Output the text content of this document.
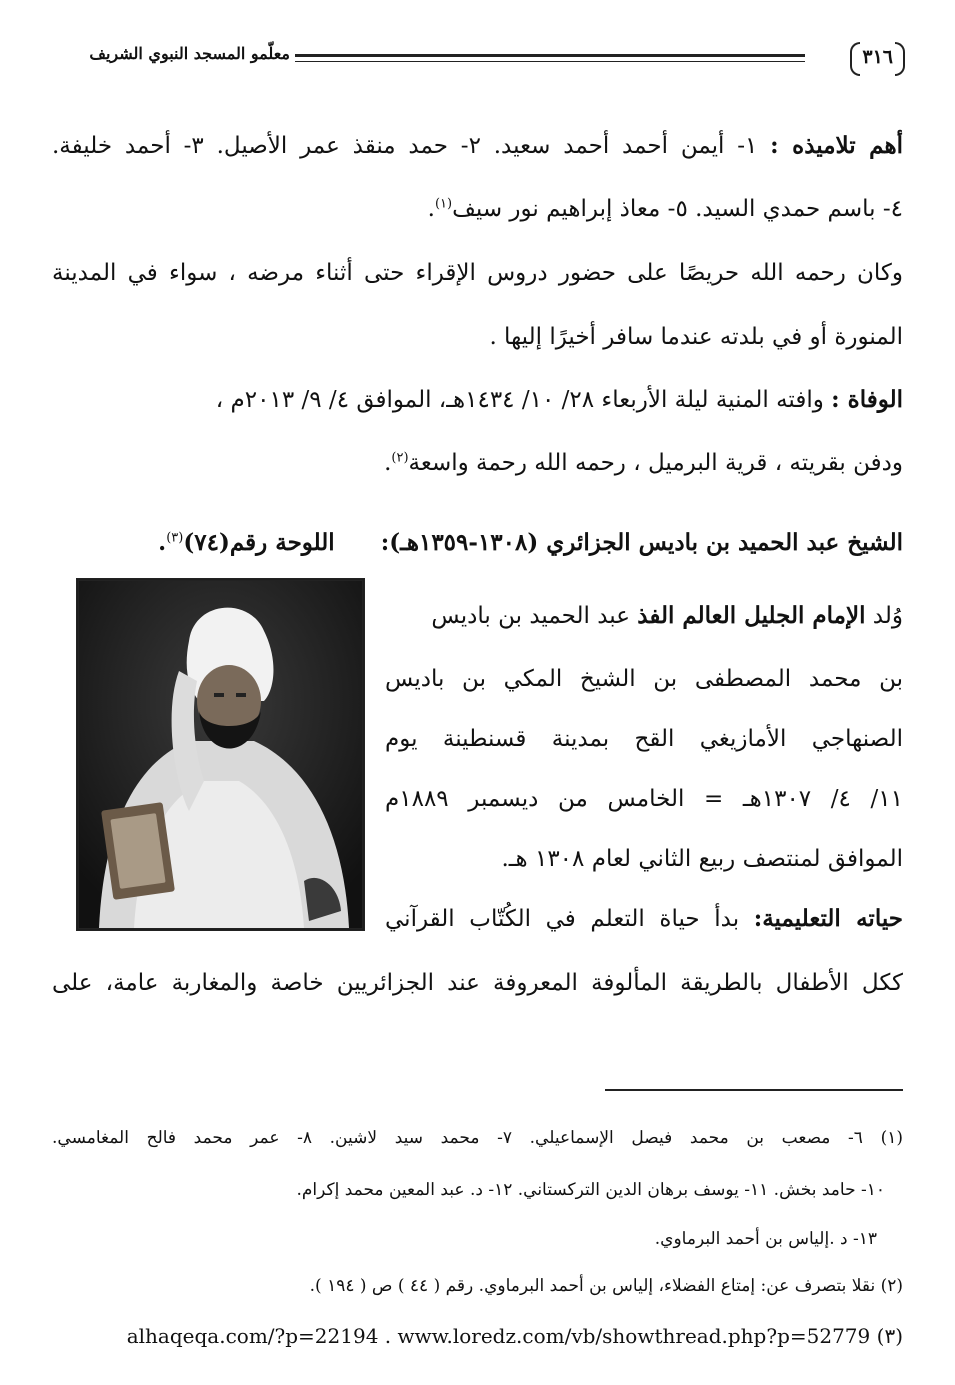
٣١٦
معلّمو المسجد النبوي الشريف
أهم تلاميذه : ١- أيمن أحمد أحمد سعيد. ٢- حمد منقذ عمر الأصيل. ٣- أحمد خليفة.
٤- باسم حمدي السيد. ٥- معاذ إبراهيم نور سيف$^{(١)}$.
وكان رحمه الله حريصًا على حضور دروس الإقراء حتى أثناء مرضه ، سواء في المدينة
المنورة أو في بلدته عندما سافر أخيرًا إليها .
الوفاة : وافته المنية ليلة الأربعاء ٢٨/ ١٠/ ١٤٣٤هـ، الموافق ٤/ ٩/ ٢٠١٣م ،
ودفن بقريته ، قرية البرميل ، رحمه الله رحمة واسعة$^{(٢)}$.
الشيخ عبد الحميد بن باديس الجزائري (١٣٠٨-١٣٥٩هـ):  اللوحة رقم(٧٤)$^{(٣)}$.
وُلد الإمام الجليل العالم الفذ عبد الحميد بن باديس
بن محمد المصطفى بن الشيخ المكي بن باديس
الصنهاجي الأمازيغي القح بمدينة قسنطينة يوم
١١/ ٤/ ١٣٠٧هـ = الخامس من ديسمبر ١٨٨٩م
الموافق لمنتصف ربيع الثاني لعام ١٣٠٨ هـ.
حياته التعليمية: بدأ حياة التعلم في الكُتّاب القرآني
ككل الأطفال بالطريقة المألوفة المعروفة عند الجزائريين خاصة والمغاربة عامة، على
(١) ٦- مصعب بن محمد فيصل الإسماعيلي. ٧- محمد سيد لاشين. ٨- عمر محمد فالح المغامسي.
١٠- حامد بخش. ١١- يوسف برهان الدين التركستاني. ١٢- د. عبد المعين محمد إكرام.
١٣- د .إلياس بن أحمد البرماوي.
(٢) نقلا بتصرف عن: إمتاع الفضلاء، إلياس بن أحمد البرماوي. رقم ( ٤٤ ) ص ( ١٩٤ ).
(٣) alhaqeqa.com/?p=22194 . www.loredz.com/vb/showthread.php?p=52779
